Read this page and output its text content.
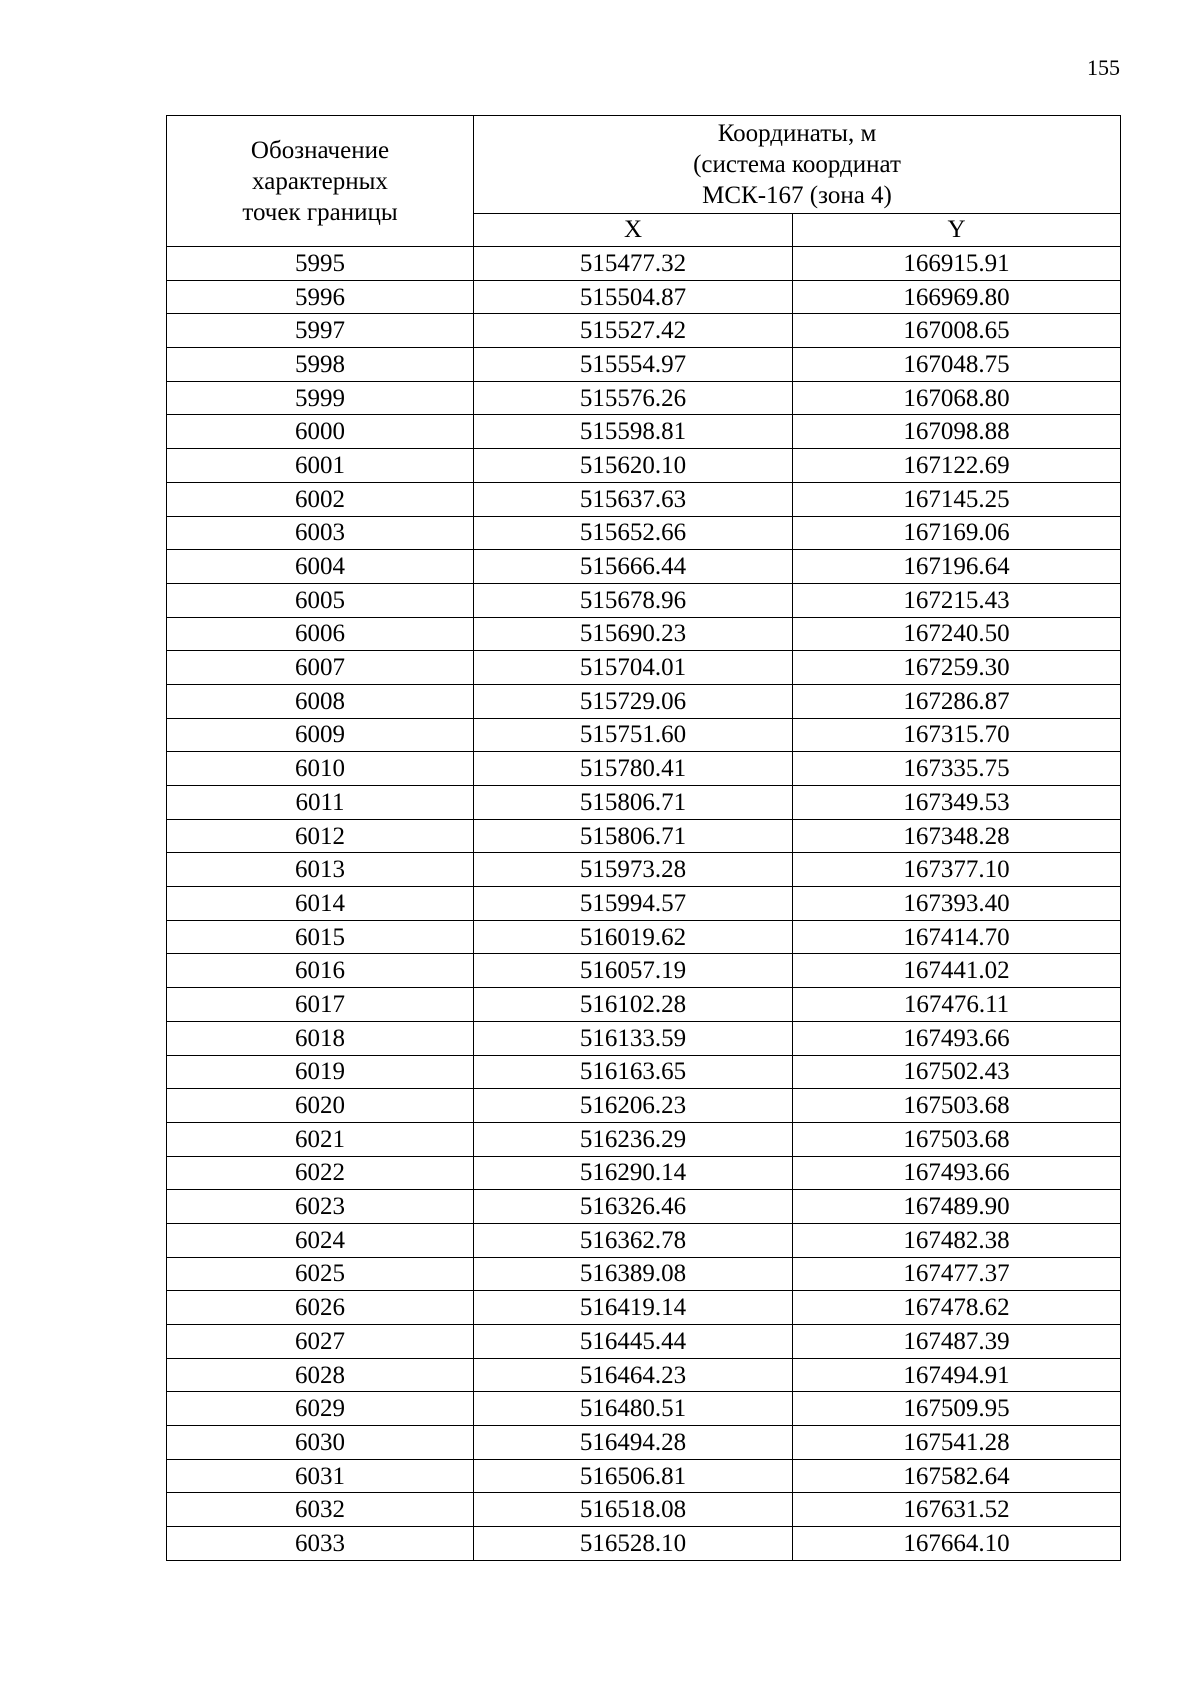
155
Обозначение
характерных
точек границы	Координаты, м
(система координат
МСК-167 (зона 4)	

	X	Y
5995	515477.32	166915.91
5996	515504.87	166969.80
5997	515527.42	167008.65
5998	515554.97	167048.75
5999	515576.26	167068.80
6000	515598.81	167098.88
6001	515620.10	167122.69
6002	515637.63	167145.25
6003	515652.66	167169.06
6004	515666.44	167196.64
6005	515678.96	167215.43
6006	515690.23	167240.50
6007	515704.01	167259.30
6008	515729.06	167286.87
6009	515751.60	167315.70
6010	515780.41	167335.75
6011	515806.71	167349.53
6012	515806.71	167348.28
6013	515973.28	167377.10
6014	515994.57	167393.40
6015	516019.62	167414.70
6016	516057.19	167441.02
6017	516102.28	167476.11
6018	516133.59	167493.66
6019	516163.65	167502.43
6020	516206.23	167503.68
6021	516236.29	167503.68
6022	516290.14	167493.66
6023	516326.46	167489.90
6024	516362.78	167482.38
6025	516389.08	167477.37
6026	516419.14	167478.62
6027	516445.44	167487.39
6028	516464.23	167494.91
6029	516480.51	167509.95
6030	516494.28	167541.28
6031	516506.81	167582.64
6032	516518.08	167631.52
6033	516528.10	167664.10
